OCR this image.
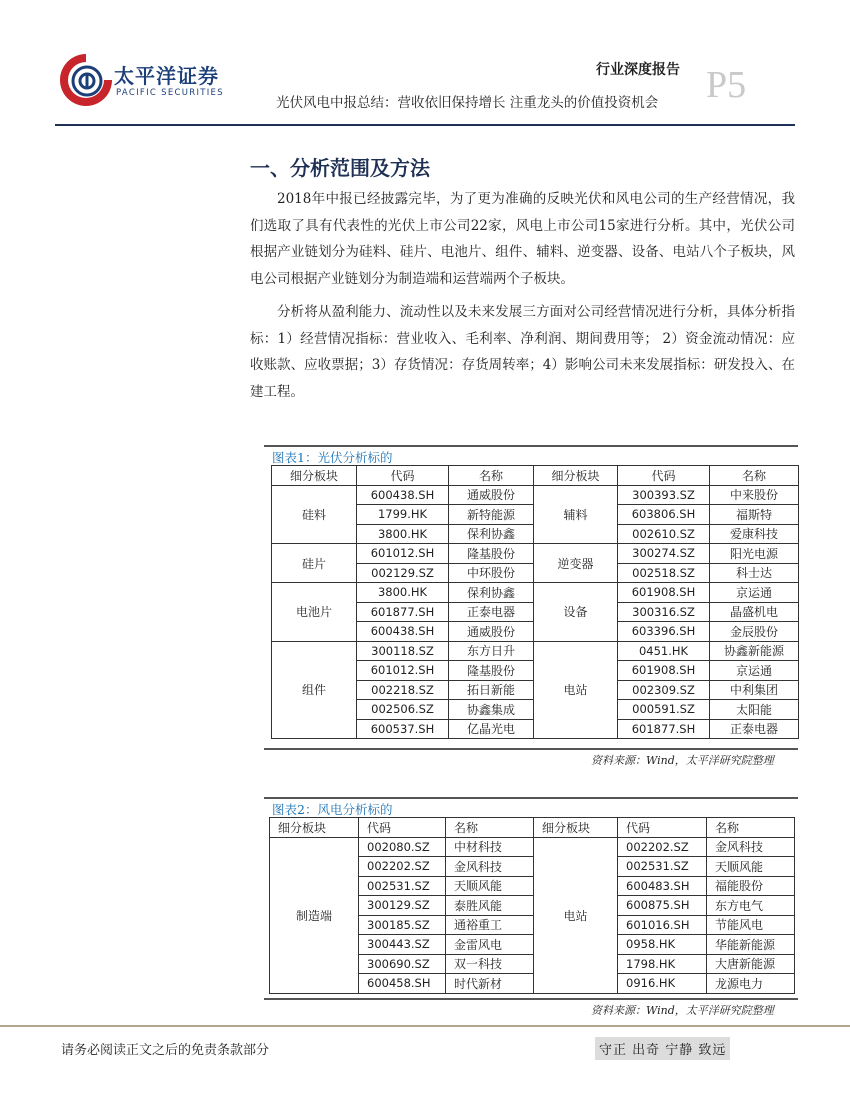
太平洋证券
PACIFIC SECURITIES
行业深度报告 P5
光伏风电中报总结：营收依旧保持增长 注重龙头的价值投资机会
一、分析范围及方法

2018年中报已经披露完毕，为了更为准确的反映光伏和风电公司的生产经营情况，我们选取了具有代表性的光伏上市公司22家，风电上市公司15家进行分析。其中，光伏公司根据产业链划分为硅料、硅片、电池片、组件、辅料、逆变器、设备、电站八个子板块，风电公司根据产业链划分为制造端和运营端两个子板块。

分析将从盈利能力、流动性以及未来发展三方面对公司经营情况进行分析，具体分析指标：1）经营情况指标：营业收入、毛利率、净利润、期间费用等； 2）资金流动情况：应收账款、应收票据；3）存货情况：存货周转率；4）影响公司未来发展指标：研发投入、在建工程。

图表1：光伏分析标的
细分板块	代码	名称	细分板块	代码	名称
硅料	600438.SH	通威股份	辅料	300393.SZ	中来股份
	1799.HK	新特能源		603806.SH	福斯特
	3800.HK	保利协鑫		002610.SZ	爱康科技
硅片	601012.SH	隆基股份	逆变器	300274.SZ	阳光电源
	002129.SZ	中环股份		002518.SZ	科士达
电池片	3800.HK	保利协鑫	设备	601908.SH	京运通
	601877.SH	正泰电器		300316.SZ	晶盛机电
	600438.SH	通威股份		603396.SH	金辰股份
组件	300118.SZ	东方日升	电站	0451.HK	协鑫新能源
	601012.SH	隆基股份		601908.SH	京运通
	002218.SZ	拓日新能		002309.SZ	中利集团
	002506.SZ	协鑫集成		000591.SZ	太阳能
	600537.SH	亿晶光电		601877.SH	正泰电器
资料来源：Wind，太平洋研究院整理
图表2：风电分析标的
细分板块	代码	名称	细分板块	代码	名称
制造端	002080.SZ	中材科技	电站	002202.SZ	金风科技
	002202.SZ	金风科技		002531.SZ	天顺风能
	002531.SZ	天顺风能		600483.SH	福能股份
	300129.SZ	泰胜风能		600875.SH	东方电气
	300185.SZ	通裕重工		601016.SH	节能风电
	300443.SZ	金雷风电		0958.HK	华能新能源
	300690.SZ	双一科技		1798.HK	大唐新能源
	600458.SH	时代新材		0916.HK	龙源电力
资料来源：Wind，太平洋研究院整理
请务必阅读正文之后的免责条款部分	守正 出奇 宁静 致远
